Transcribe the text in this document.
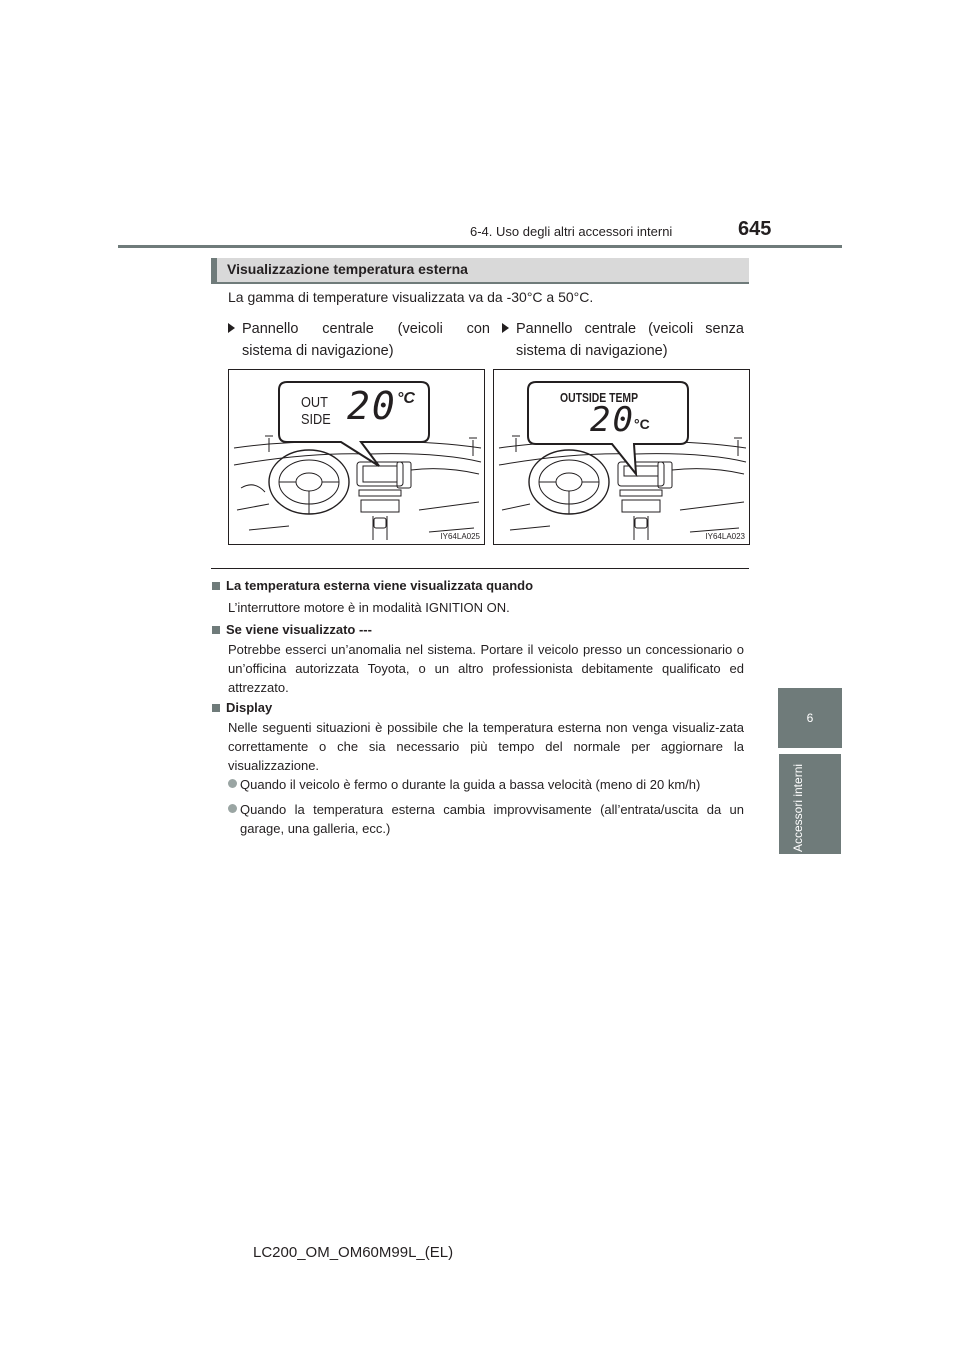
6-4. Uso degli altri accessori interni	645
6
Accessori interni
Visualizzazione temperatura esterna
La gamma di temperature visualizzata va da -30°C a 50°C.
Pannello centrale (veicoli con
sistema di navigazione)
Pannello centrale (veicoli senza
sistema di navigazione)
OUT
SIDE 20 °C
IY64LA025
OUTSIDE TEMP
20 °C
IY64LA023
La temperatura esterna viene visualizzata quando
L’interruttore motore è in modalità IGNITION ON.
Se viene visualizzato ---
Potrebbe esserci un’anomalia nel sistema. Portare il veicolo presso un concessionario o un’officina autorizzata Toyota, o un altro professionista debitamente qualificato ed attrezzato.
Display
Nelle seguenti situazioni è possibile che la temperatura esterna non venga visualiz-zata correttamente o che sia necessario più tempo del normale per aggiornare la visualizzazione.
Quando il veicolo è fermo o durante la guida a bassa velocità (meno di 20 km/h)
Quando la temperatura esterna cambia improvvisamente (all’entrata/uscita da un garage, una galleria, ecc.)
LC200_OM_OM60M99L_(EL)
